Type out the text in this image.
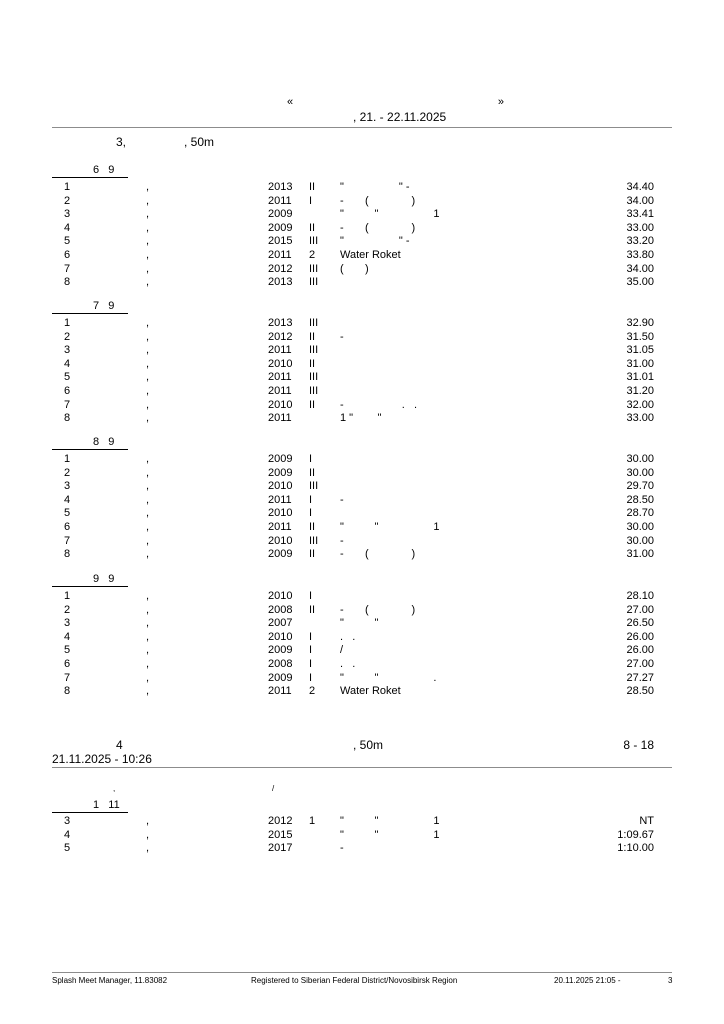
«                                                                   »
, 21. - 22.11.2025
3,	, 50m
6   9
1	,	2013 II "                  " -	34.40
2	,	2011 I	-       (              )	34.00
3	,	2009	"          "                  1	33.41
4	,	2009 II -       (              )	33.00
5	,	2015 III "                  " -	33.20
6	,	2011 2 Water Roket	33.80
7	,	2012 III (       )	34.00
8	,	2013 III	35.00
7   9
1	,	2013 III	32.90
2	,	2012 II -	31.50
3	,	2011 III	31.05
4	,	2010 II	31.00
5	,	2011 III	31.01
6	,	2011 III	31.20
7	,	2010 II -                   .   .	32.00
8	,	2011	1 "        "	33.00
8   9
1	,	2009 I	30.00
2	,	2009 II	30.00
3	,	2010 III	29.70
4	,	2011 I	-	28.50
5	,	2010 I	28.70
6	,	2011 II "          "                  1	30.00
7	,	2010 III -	30.00
8	,	2009 II -       (              )	31.00
9   9
1	,	2010 I	28.10
2	,	2008 II -       (              )	27.00
3	,	2007	"          "	26.50
4	,	2010 I	.   .	26.00
5	,	2009 I	/	26.00
6	,	2008 I	.   .	27.00
7	,	2009 I	"          "                  .	27.27
8	,	2011 2 Water Roket	28.50
4	, 50m	8 - 18
21.11.2025 - 10:26
,	/
1   11
3	,	2012 1 "          "                  1	NT
4	,	2015	"          "                  1	1:09.67
5	,	2017	-	1:10.00
Splash Meet Manager, 11.83082	Registered to Siberian Federal District/Novosibirsk Region	20.11.2025 21:05 -	3
